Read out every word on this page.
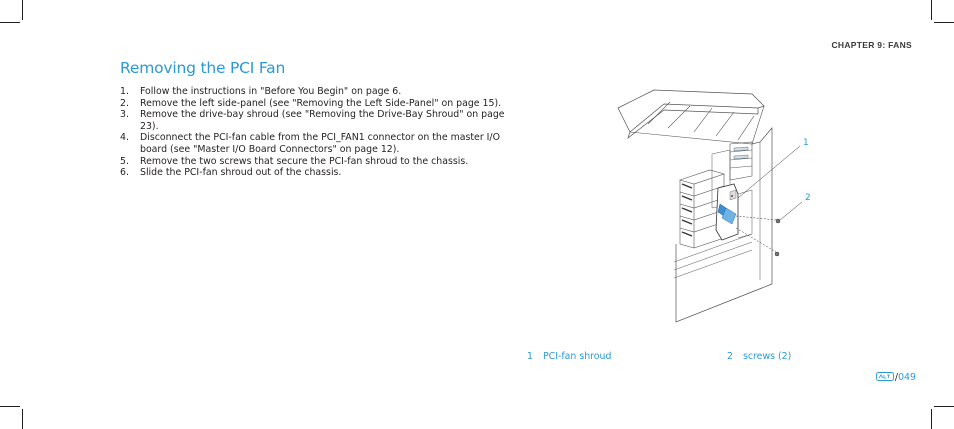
CHAPTER 9: FANS
Removing the PCI Fan
1. Follow the instructions in "Before You Begin" on page 6.
2. Remove the left side-panel (see "Removing the Left Side-Panel" on page 15).
3. Remove the drive-bay shroud (see "Removing the Drive-Bay Shroud" on page 23).
4. Disconnect the PCI-fan cable from the PCI_FAN1 connector on the master I/O board (see "Master I/O Board Connectors" on page 12).
5. Remove the two screws that secure the PCI-fan shroud to the chassis.
6. Slide the PCI-fan shroud out of the chassis.
1
2
1 PCI-fan shroud	2 screws (2)
/049
